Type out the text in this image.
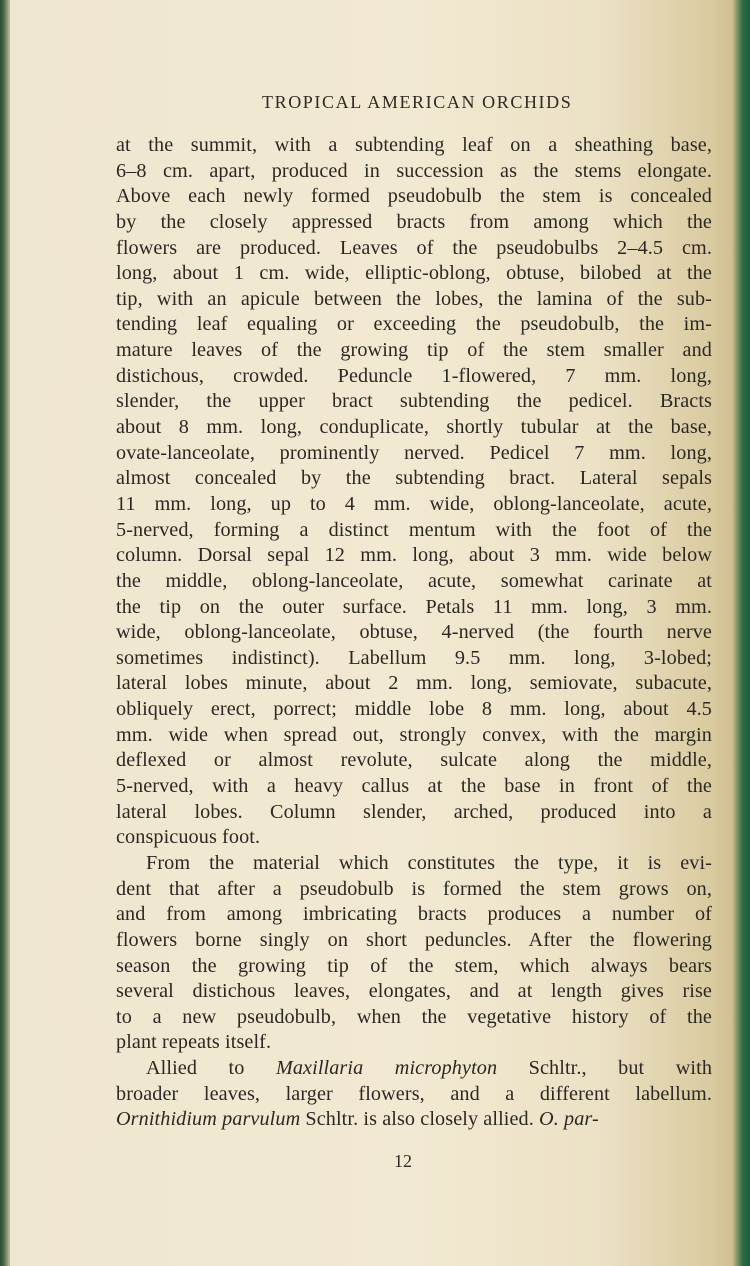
TROPICAL AMERICAN ORCHIDS
at the summit, with a subtending leaf on a sheathing base,
6–8 cm. apart, produced in succession as the stems elongate.
Above each newly formed pseudobulb the stem is concealed
by the closely appressed bracts from among which the
flowers are produced. Leaves of the pseudobulbs 2–4.5 cm.
long, about 1 cm. wide, elliptic-oblong, obtuse, bilobed at the
tip, with an apicule between the lobes, the lamina of the sub-
tending leaf equaling or exceeding the pseudobulb, the im-
mature leaves of the growing tip of the stem smaller and
distichous, crowded. Peduncle 1-flowered, 7 mm. long,
slender, the upper bract subtending the pedicel. Bracts
about 8 mm. long, conduplicate, shortly tubular at the base,
ovate-lanceolate, prominently nerved. Pedicel 7 mm. long,
almost concealed by the subtending bract. Lateral sepals
11 mm. long, up to 4 mm. wide, oblong-lanceolate, acute,
5-nerved, forming a distinct mentum with the foot of the
column. Dorsal sepal 12 mm. long, about 3 mm. wide below
the middle, oblong-lanceolate, acute, somewhat carinate at
the tip on the outer surface. Petals 11 mm. long, 3 mm.
wide, oblong-lanceolate, obtuse, 4-nerved (the fourth nerve
sometimes indistinct). Labellum 9.5 mm. long, 3-lobed;
lateral lobes minute, about 2 mm. long, semiovate, subacute,
obliquely erect, porrect; middle lobe 8 mm. long, about 4.5
mm. wide when spread out, strongly convex, with the margin
deflexed or almost revolute, sulcate along the middle,
5-nerved, with a heavy callus at the base in front of the
lateral lobes. Column slender, arched, produced into a
conspicuous foot.
From the material which constitutes the type, it is evi-
dent that after a pseudobulb is formed the stem grows on,
and from among imbricating bracts produces a number of
flowers borne singly on short peduncles. After the flowering
season the growing tip of the stem, which always bears
several distichous leaves, elongates, and at length gives rise
to a new pseudobulb, when the vegetative history of the
plant repeats itself.
Allied to Maxillaria microphyton Schltr., but with
broader leaves, larger flowers, and a different labellum.
Ornithidium parvulum Schltr. is also closely allied. O. par-
12
